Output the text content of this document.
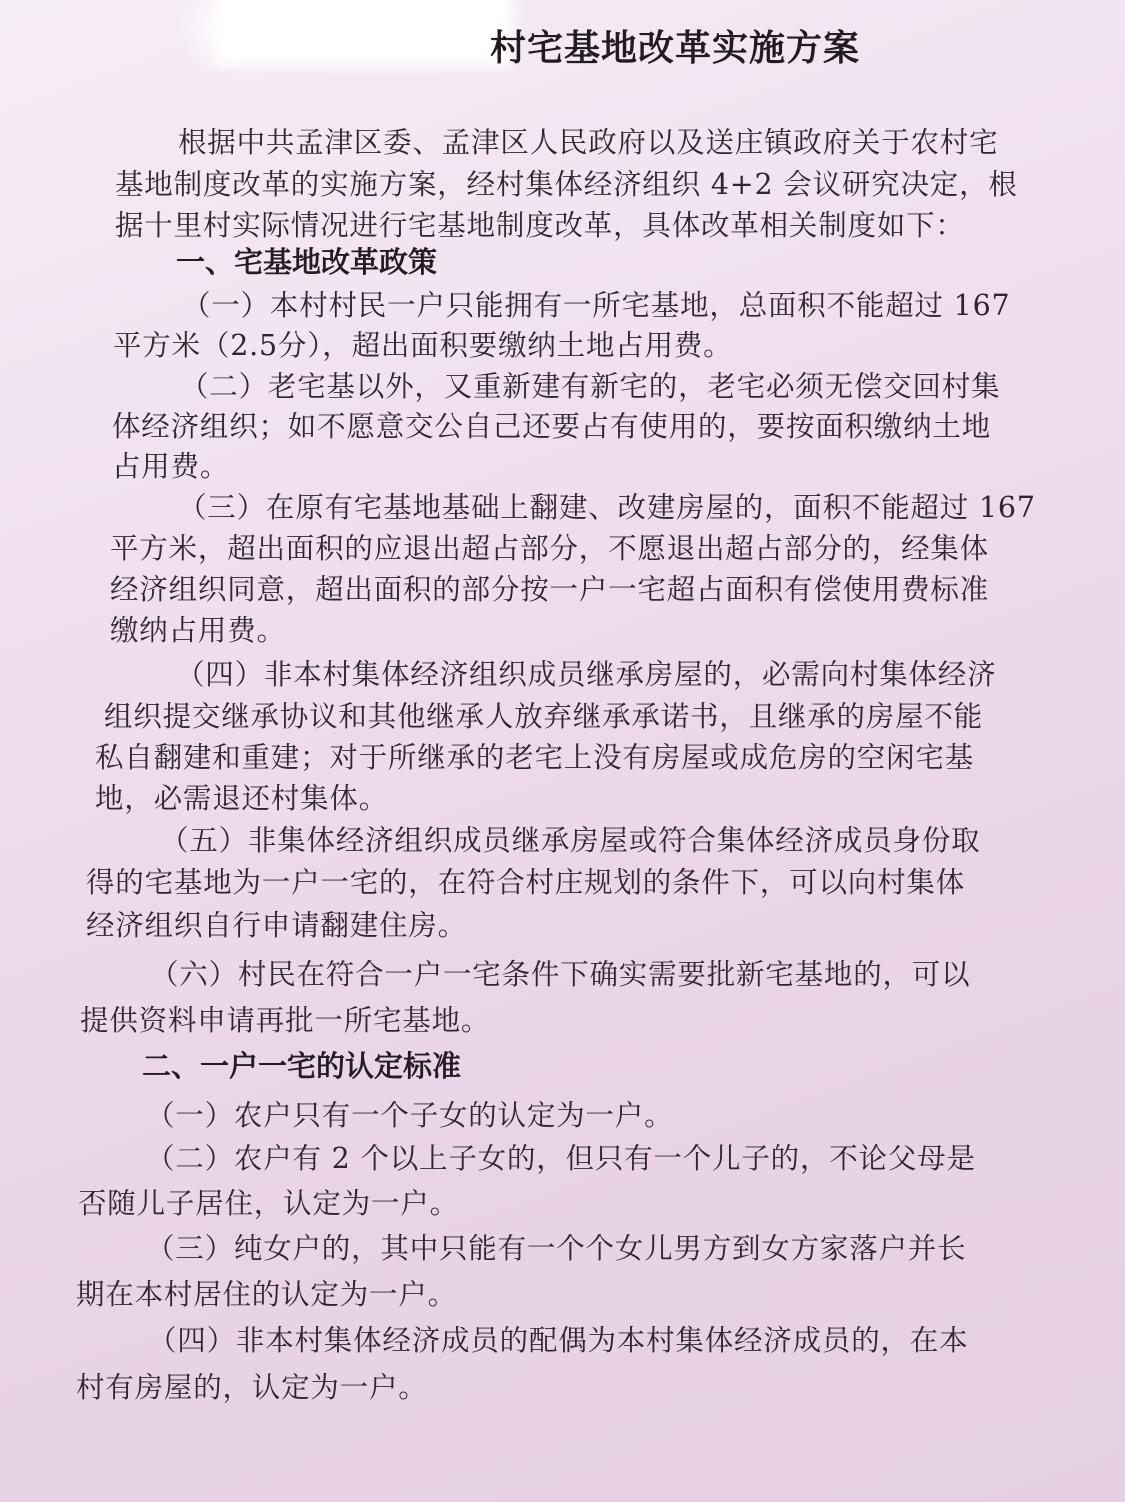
村宅基地改革实施方案
根据中共孟津区委、孟津区人民政府以及送庄镇政府关于农村宅
基地制度改革的实施方案，经村集体经济组织 4+2 会议研究决定，根
据十里村实际情况进行宅基地制度改革，具体改革相关制度如下：
一、宅基地改革政策
（一）本村村民一户只能拥有一所宅基地，总面积不能超过 167
平方米（2.5分），超出面积要缴纳土地占用费。
（二）老宅基以外，又重新建有新宅的，老宅必须无偿交回村集
体经济组织；如不愿意交公自己还要占有使用的，要按面积缴纳土地
占用费。
（三）在原有宅基地基础上翻建、改建房屋的，面积不能超过 167
平方米，超出面积的应退出超占部分，不愿退出超占部分的，经集体
经济组织同意，超出面积的部分按一户一宅超占面积有偿使用费标准
缴纳占用费。
（四）非本村集体经济组织成员继承房屋的，必需向村集体经济
组织提交继承协议和其他继承人放弃继承承诺书，且继承的房屋不能
私自翻建和重建；对于所继承的老宅上没有房屋或成危房的空闲宅基
地，必需退还村集体。
（五）非集体经济组织成员继承房屋或符合集体经济成员身份取
得的宅基地为一户一宅的，在符合村庄规划的条件下，可以向村集体
经济组织自行申请翻建住房。
（六）村民在符合一户一宅条件下确实需要批新宅基地的，可以
提供资料申请再批一所宅基地。
二、一户一宅的认定标准
（一）农户只有一个子女的认定为一户。
（二）农户有 2 个以上子女的，但只有一个儿子的，不论父母是
否随儿子居住，认定为一户。
（三）纯女户的，其中只能有一个个女儿男方到女方家落户并长
期在本村居住的认定为一户。
（四）非本村集体经济成员的配偶为本村集体经济成员的，在本
村有房屋的，认定为一户。
